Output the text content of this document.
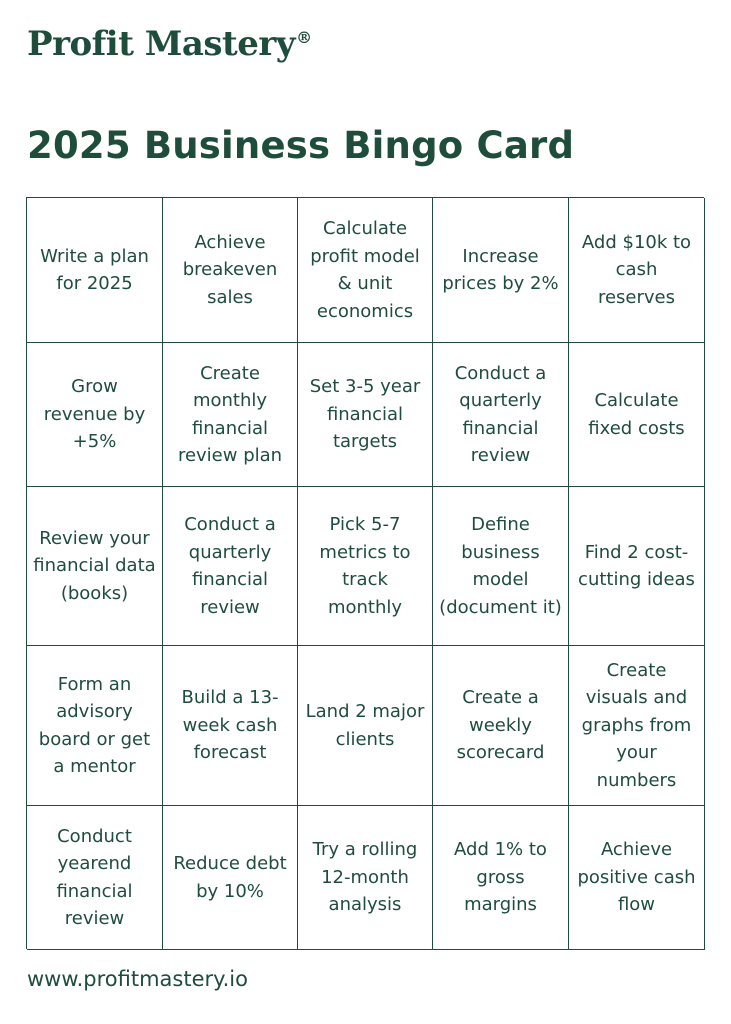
Profit Mastery®
2025 Business Bingo Card
Write a plan for 2025
Achieve breakeven sales
Calculate profit model & unit economics
Increase prices by 2%
Add $10k to cash reserves
Grow revenue by +5%
Create monthly financial review plan
Set 3-5 year financial targets
Conduct a quarterly financial review
Calculate fixed costs
Review your financial data (books)
Conduct a quarterly financial review
Pick 5-7 metrics to track monthly
Define business model (document it)
Find 2 cost-cutting ideas
Form an advisory board or get a mentor
Build a 13-week cash forecast
Land 2 major clients
Create a weekly scorecard
Create visuals and graphs from your numbers
Conduct yearend financial review
Reduce debt by 10%
Try a rolling 12-month analysis
Add 1% to gross margins
Achieve positive cash flow
www.profitmastery.io
